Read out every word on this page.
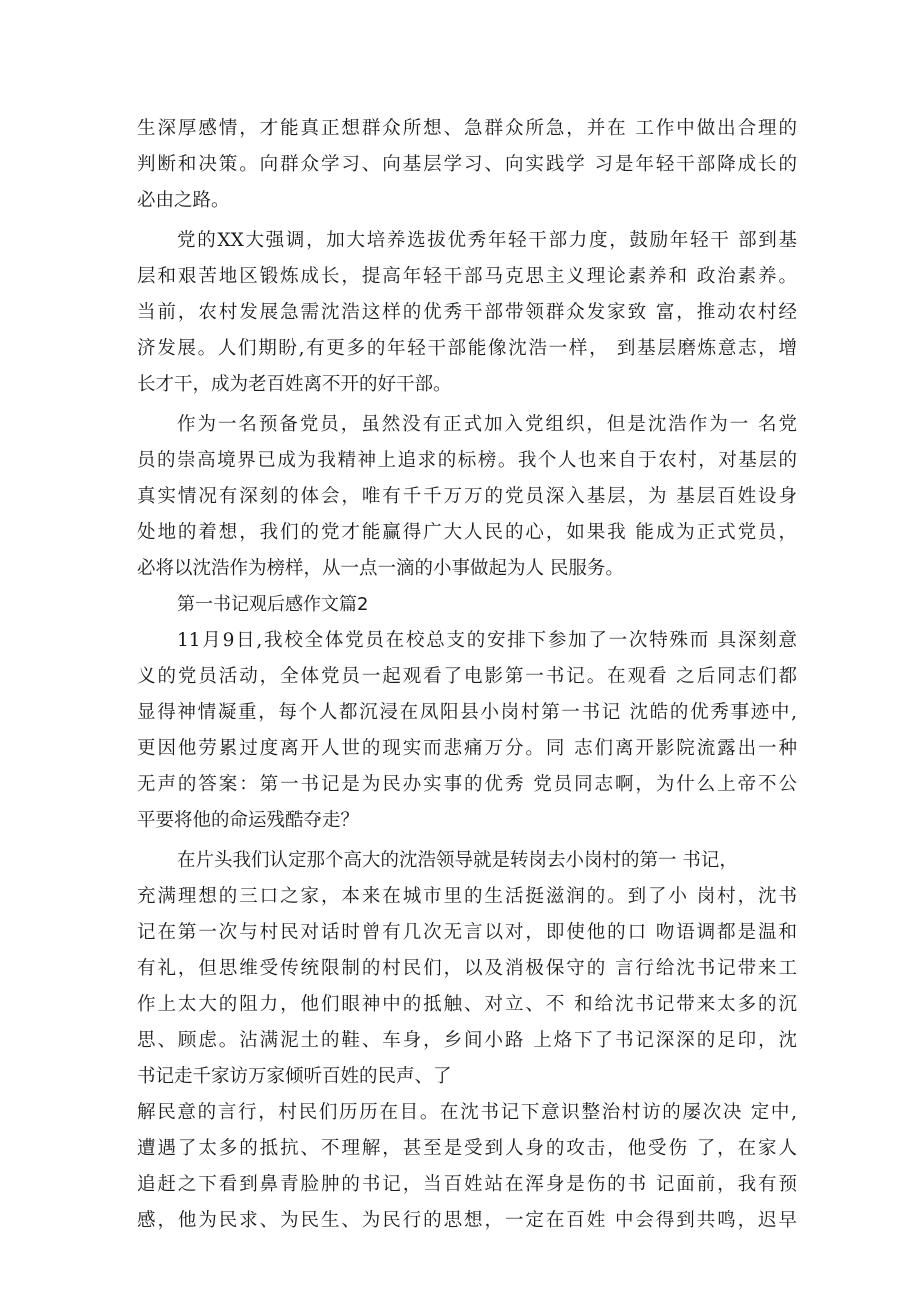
生深厚感情，才能真正想群众所想、急群众所急，并在 工作中做出合理的
判断和决策。向群众学习、向基层学习、向实践学 习是年轻干部降成长的
必由之路。
党的XX大强调，加大培养选拔优秀年轻干部力度，鼓励年轻干 部到基
层和艰苦地区锻炼成长，提高年轻干部马克思主义理论素养和 政治素养。
当前，农村发展急需沈浩这样的优秀干部带领群众发家致 富，推动农村经
济发展。人们期盼,有更多的年轻干部能像沈浩一样， 到基层磨炼意志，增
长才干，成为老百姓离不开的好干部。
作为一名预备党员，虽然没有正式加入党组织，但是沈浩作为一 名党
员的崇高境界已成为我精神上追求的标榜。我个人也来自于农村，对基层的
真实情况有深刻的体会，唯有千千万万的党员深入基层，为 基层百姓设身
处地的着想，我们的党才能赢得广大人民的心，如果我 能成为正式党员，
必将以沈浩作为榜样，从一点一滴的小事做起为人 民服务。
第一书记观后感作文篇2
11月9日,我校全体党员在校总支的安排下参加了一次特殊而 具深刻意
义的党员活动，全体党员一起观看了电影第一书记。在观看 之后同志们都
显得神情凝重，每个人都沉浸在凤阳县小岗村第一书记 沈皓的优秀事迹中,
更因他劳累过度离开人世的现实而悲痛万分。同 志们离开影院流露出一种
无声的答案：第一书记是为民办实事的优秀 党员同志啊，为什么上帝不公
平要将他的命运残酷夺走？
在片头我们认定那个高大的沈浩领导就是转岗去小岗村的第一 书记，
充满理想的三口之家，本来在城市里的生活挺滋润的。到了小 岗村，沈书
记在第一次与村民对话时曾有几次无言以对，即使他的口 吻语调都是温和
有礼，但思维受传统限制的村民们，以及消极保守的 言行给沈书记带来工
作上太大的阻力，他们眼神中的抵触、对立、不 和给沈书记带来太多的沉
思、顾虑。沾满泥土的鞋、车身，乡间小路 上烙下了书记深深的足印，沈
书记走千家访万家倾听百姓的民声、了
解民意的言行，村民们历历在目。在沈书记下意识整治村访的屡次决 定中,
遭遇了太多的抵抗、不理解，甚至是受到人身的攻击，他受伤 了，在家人
追赶之下看到鼻青脸肿的书记，当百姓站在浑身是伤的书 记面前，我有预
感，他为民求、为民生、为民行的思想，一定在百姓 中会得到共鸣，迟早
